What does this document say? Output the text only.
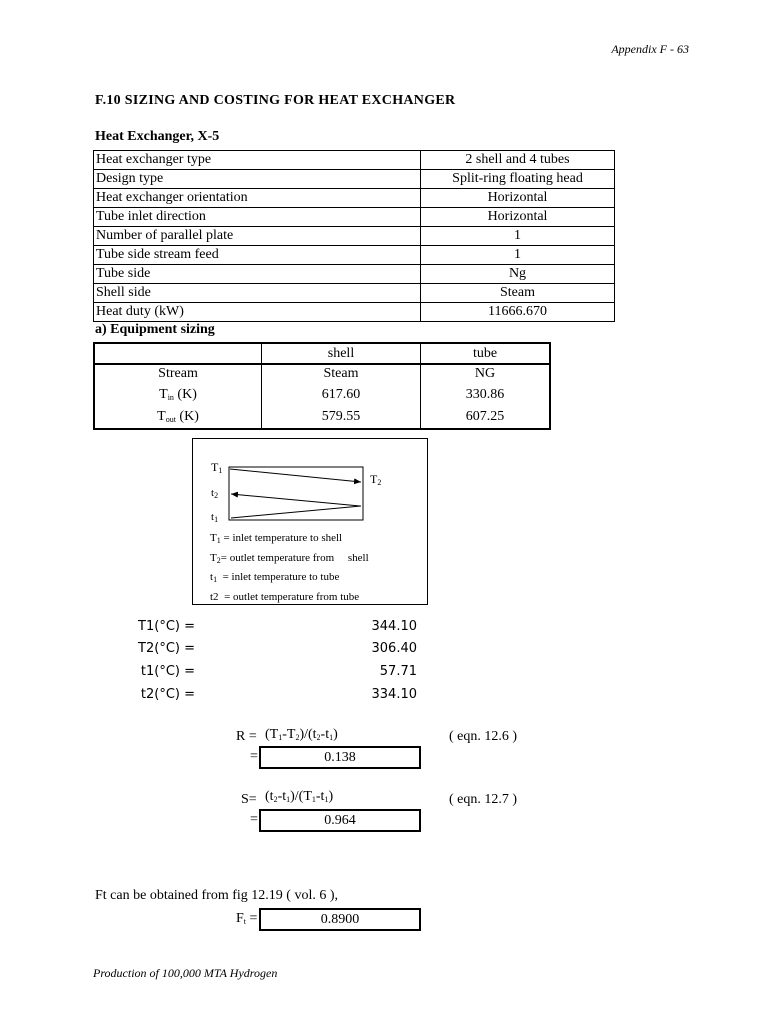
Appendix F - 63
F.10 SIZING AND COSTING FOR HEAT EXCHANGER
Heat Exchanger, X-5
Heat exchanger type	2 shell and 4 tubes
Design type	Split-ring floating head
Heat exchanger orientation	Horizontal
Tube inlet direction	Horizontal
Number of parallel plate	1
Tube side stream feed	1
Tube side	Ng
Shell side	Steam
Heat duty (kW)	11666.670
a) Equipment sizing
	shell	tube
Stream	Steam	NG
$T_{in}$ (K)	617.60	330.86
$T_{out}$ (K)	579.55	607.25
$T_1$
$T_2$
$t_2$
$t_1$
$T_1$ = inlet temperature to shell
$T_2=$ outlet temperature from     shell
$t_1$  = inlet temperature to tube
t2  = outlet temperature from tube
T1(°C) =	344.10
T2(°C) =	306.40
t1(°C) =	57.71
t2(°C) =	334.10
$R = (T_1-T_2)/(t_2-t_1)$	( eqn. 12.6 )
=	0.138
$S= (t_2-t_1)/(T_1-t_1)$	( eqn. 12.7 )
=	0.964
Ft can be obtained from fig 12.19 ( vol. 6 ),
$F_t$ =	0.8900
Production of 100,000 MTA Hydrogen
